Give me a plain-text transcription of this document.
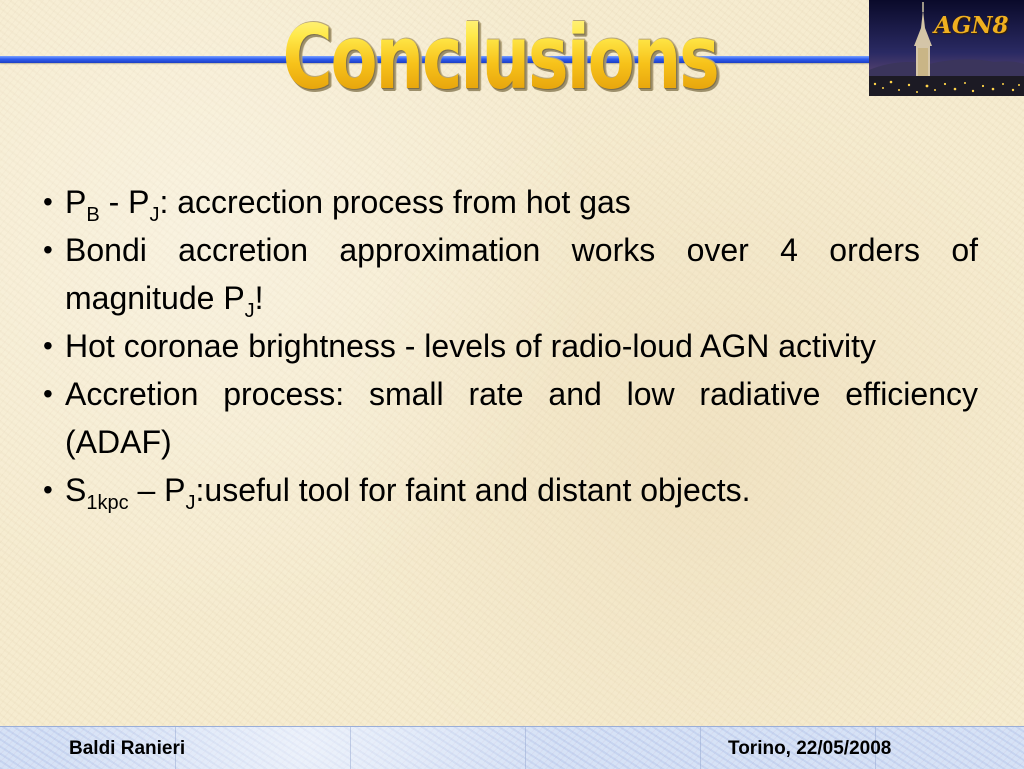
Conclusions	AGN8
• $P_B - P_J$: accrection process from hot gas
• Bondi accretion approximation works over 4 orders of magnitude $P_J$!
• Hot coronae brightness - levels of radio-loud AGN activity
• Accretion process: small rate and low radiative efficiency (ADAF)
• $S_{1kpc}$ – $P_J:useful$ tool for faint and distant objects.
Baldi Ranieri	Torino, 22/05/2008
